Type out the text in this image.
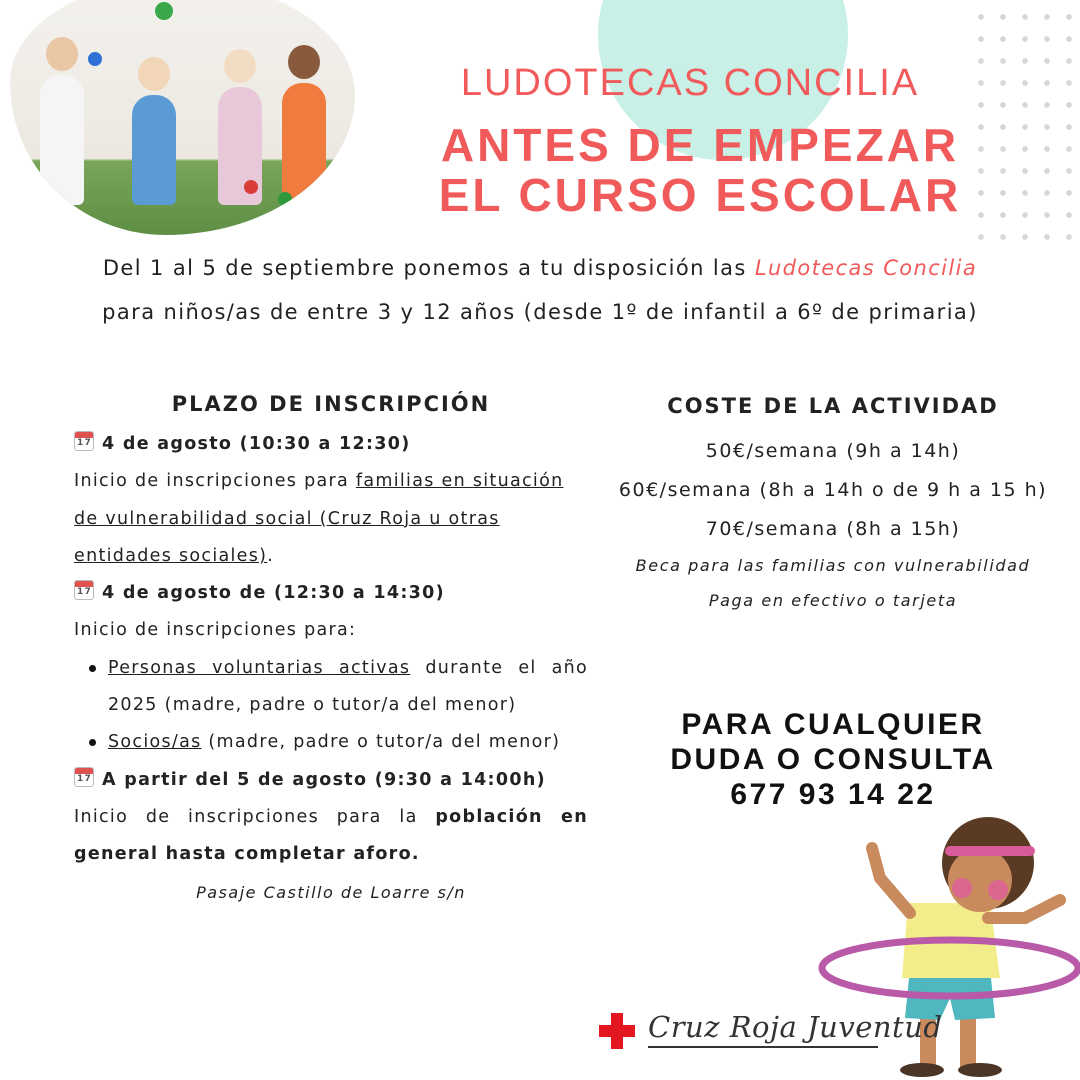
LUDOTECAS CONCILIA
ANTES DE EMPEZAR
EL CURSO ESCOLAR
Del 1 al 5 de septiembre ponemos a tu disposición las Ludotecas Concilia
para niños/as de entre 3 y 12 años (desde 1º de infantil a 6º de primaria)
PLAZO DE INSCRIPCIÓN

174 de agosto (10:30 a 12:30)

Inicio de inscripciones para familias en situación de vulnerabilidad social (Cruz Roja u otras entidades sociales).

174 de agosto de (12:30 a 14:30)

Inicio de inscripciones para:

Personas voluntarias activas durante el año 2025 (madre, padre o tutor/a del menor)
Socios/as (madre, padre o tutor/a del menor)

17A partir del 5 de agosto (9:30 a 14:00h)

Inicio de inscripciones para la población en general hasta completar aforo.

Pasaje Castillo de Loarre s/n

COSTE DE LA ACTIVIDAD

50€/semana (9h a 14h)

60€/semana (8h a 14h o de 9 h a 15 h)

70€/semana (8h a 15h)

Beca para las familias con vulnerabilidad

Paga en efectivo o tarjeta

PARA CUALQUIER
DUDA O CONSULTA
677 93 14 22
Cruz Roja Juventud
